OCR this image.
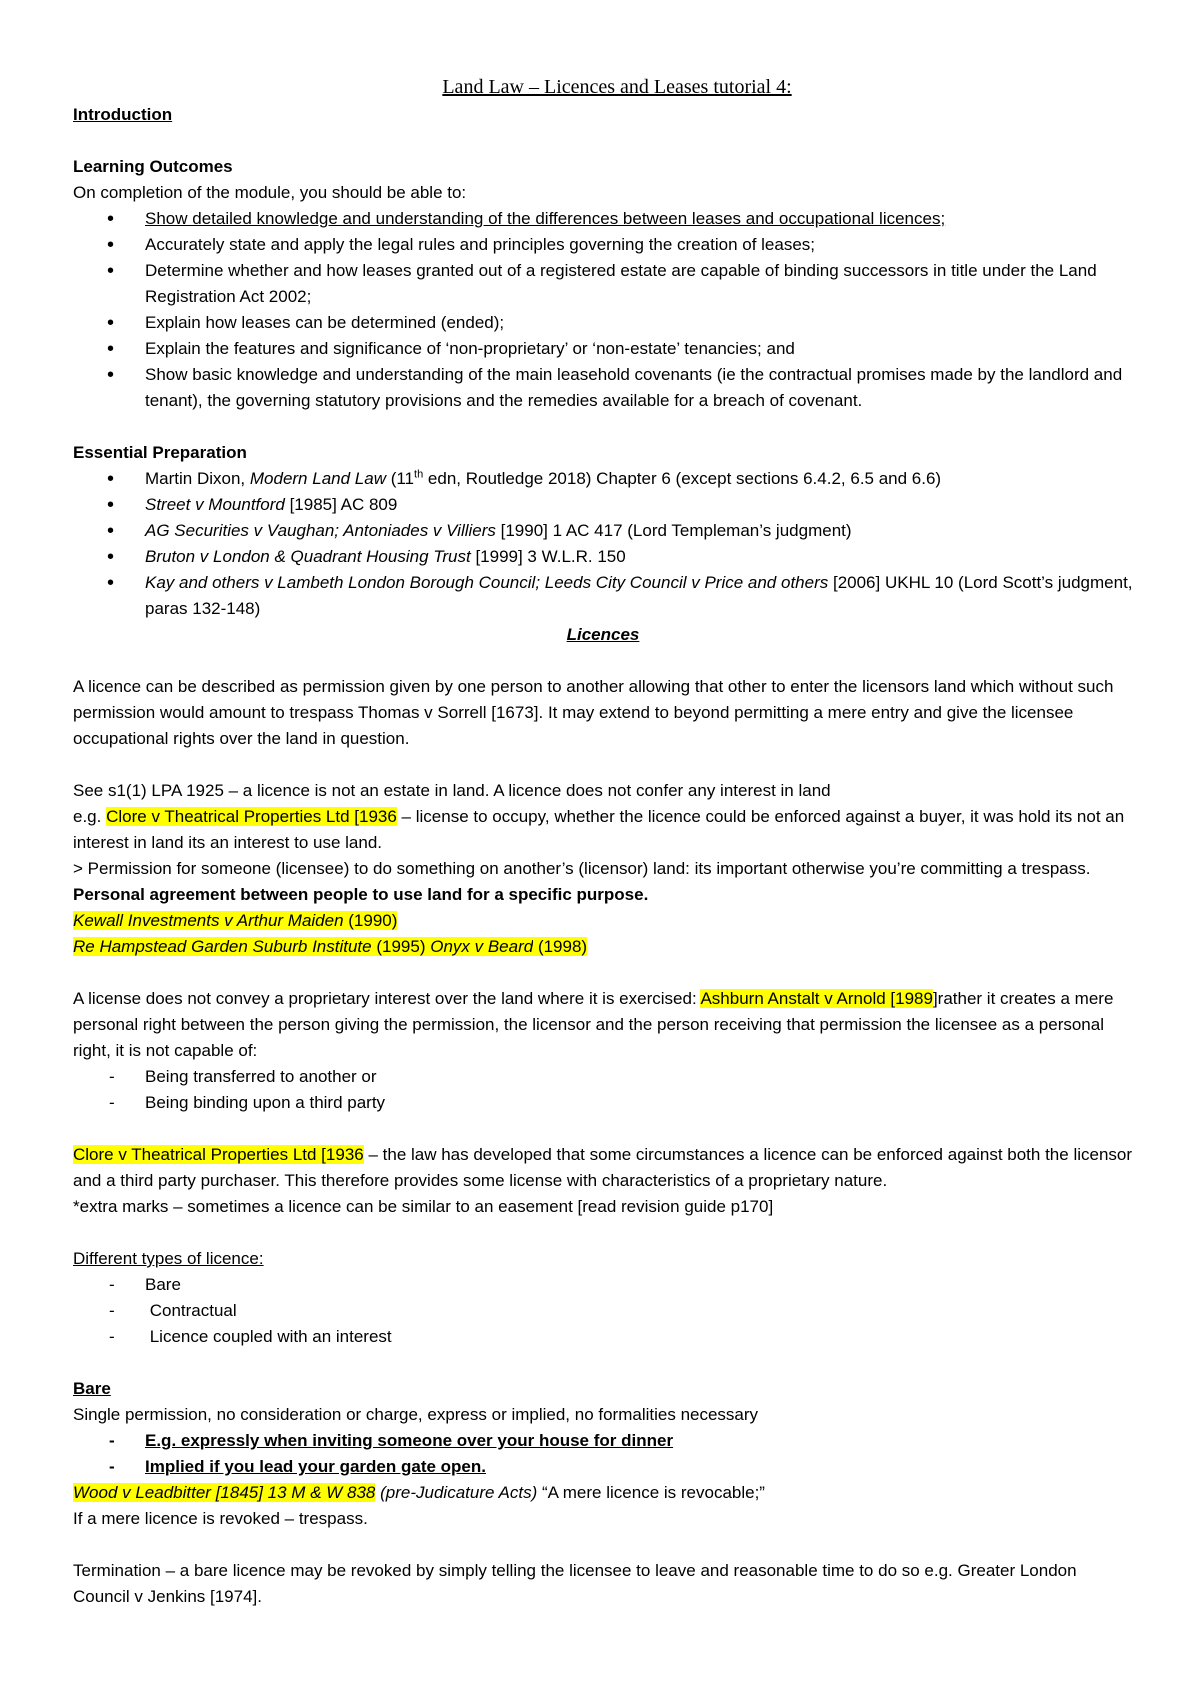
Land Law – Licences and Leases tutorial 4:

Introduction

Learning Outcomes

On completion of the module, you should be able to:

• Show detailed knowledge and understanding of the differences between leases and occupational licences;
• Accurately state and apply the legal rules and principles governing the creation of leases;
• Determine whether and how leases granted out of a registered estate are capable of binding successors in title under the Land Registration Act 2002;
• Explain how leases can be determined (ended);
• Explain the features and significance of ‘non-proprietary’ or ‘non-estate’ tenancies; and
• Show basic knowledge and understanding of the main leasehold covenants (ie the contractual promises made by the landlord and tenant), the governing statutory provisions and the remedies available for a breach of covenant.

Essential Preparation

• Martin Dixon, Modern Land Law (11th edn, Routledge 2018) Chapter 6 (except sections 6.4.2, 6.5 and 6.6)
• Street v Mountford [1985] AC 809
• AG Securities v Vaughan; Antoniades v Villiers [1990] 1 AC 417 (Lord Templeman’s judgment)
• Bruton v London & Quadrant Housing Trust [1999] 3 W.L.R. 150
• Kay and others v Lambeth London Borough Council; Leeds City Council v Price and others [2006] UKHL 10 (Lord Scott’s judgment, paras 132-148)

Licences

A licence can be described as permission given by one person to another allowing that other to enter the licensors land which without such permission would amount to trespass Thomas v Sorrell [1673]. It may extend to beyond permitting a mere entry and give the licensee occupational rights over the land in question.

See s1(1) LPA 1925 – a licence is not an estate in land. A licence does not confer any interest in land
e.g. Clore v Theatrical Properties Ltd [1936 – license to occupy, whether the licence could be enforced against a buyer, it was hold its not an interest in land its an interest to use land.
> Permission for someone (licensee) to do something on another’s (licensor) land: its important otherwise you’re committing a trespass. Personal agreement between people to use land for a specific purpose.
Kewall Investments v Arthur Maiden (1990)
Re Hampstead Garden Suburb Institute (1995) Onyx v Beard (1998)

A license does not convey a proprietary interest over the land where it is exercised: Ashburn Anstalt v Arnold [1989]rather it creates a mere personal right between the person giving the permission, the licensor and the person receiving that permission the licensee as a personal right, it is not capable of:

- Being transferred to another or
- Being binding upon a third party

Clore v Theatrical Properties Ltd [1936 – the law has developed that some circumstances a licence can be enforced against both the licensor and a third party purchaser. This therefore provides some license with characteristics of a proprietary nature.

*extra marks – sometimes a licence can be similar to an easement [read revision guide p170]

Different types of licence:

- Bare
-  Contractual
-  Licence coupled with an interest

Bare

Single permission, no consideration or charge, express or implied, no formalities necessary

- E.g. expressly when inviting someone over your house for dinner
- Implied if you lead your garden gate open.

Wood v Leadbitter [1845] 13 M & W 838 (pre-Judicature Acts) “A mere licence is revocable;”

If a mere licence is revoked – trespass.

Termination – a bare licence may be revoked by simply telling the licensee to leave and reasonable time to do so e.g. Greater London Council v Jenkins [1974].
